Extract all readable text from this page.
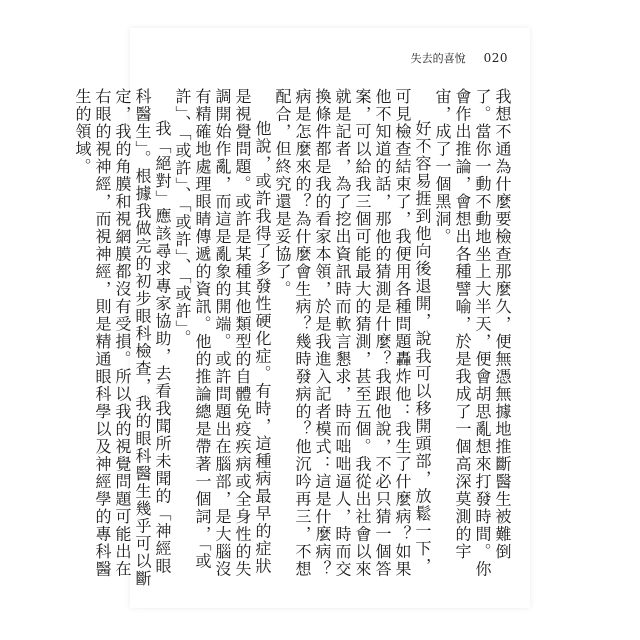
失去的喜悅 020

我想不通為什麼要檢查那麼久，便無憑無據地推斷醫生被難倒了。當你一動不動地坐上大半天，便會胡思亂想來打發時間。你會作出推論，會想出各種譬喻，於是我成了一個高深莫測的宇宙，成了一個黑洞。

好不容易捱到他向後退開，說我可以移開頭部，放鬆一下，可見檢查結束了，我便用各種問題轟炸他：我生了什麼病？如果他不知道的話，那他的猜測是什麼？我跟他說，不必只猜一個答案，可以給我三個可能最大的猜測，甚至五個。我從出社會以來就是記者，為了挖出資訊時而軟言懇求，時而咄咄逼人，時而交換條件都是我的看家本領，於是我進入記者模式：這是什麼病？病是怎麼來的？為什麼會生病？幾時發病的？他沉吟再三，不想配合，但終究還是妥協了。

他說，或許我得了多發性硬化症。有時，這種病最早的症狀是視覺問題。或許是某種其他類型的自體免疫疾病或全身性的失調開始作亂，而這是亂象的開端。或許問題出在腦部，是大腦沒有精確地處理眼睛傳遞的資訊。他的推論總是帶著一個詞，「或許」、「或許」、「或許」、「或許」。

我「絕對」應該尋求專家協助，去看我聞所未聞的「神經眼科醫生」。根據我做完的初步眼科檢查，我的眼科醫生幾乎可以斷定，我的角膜和視網膜都沒有受損。所以我的視覺問題可能出在右眼的視神經，而視神經，則是精通眼科學以及神經學的專科醫生的領域。
